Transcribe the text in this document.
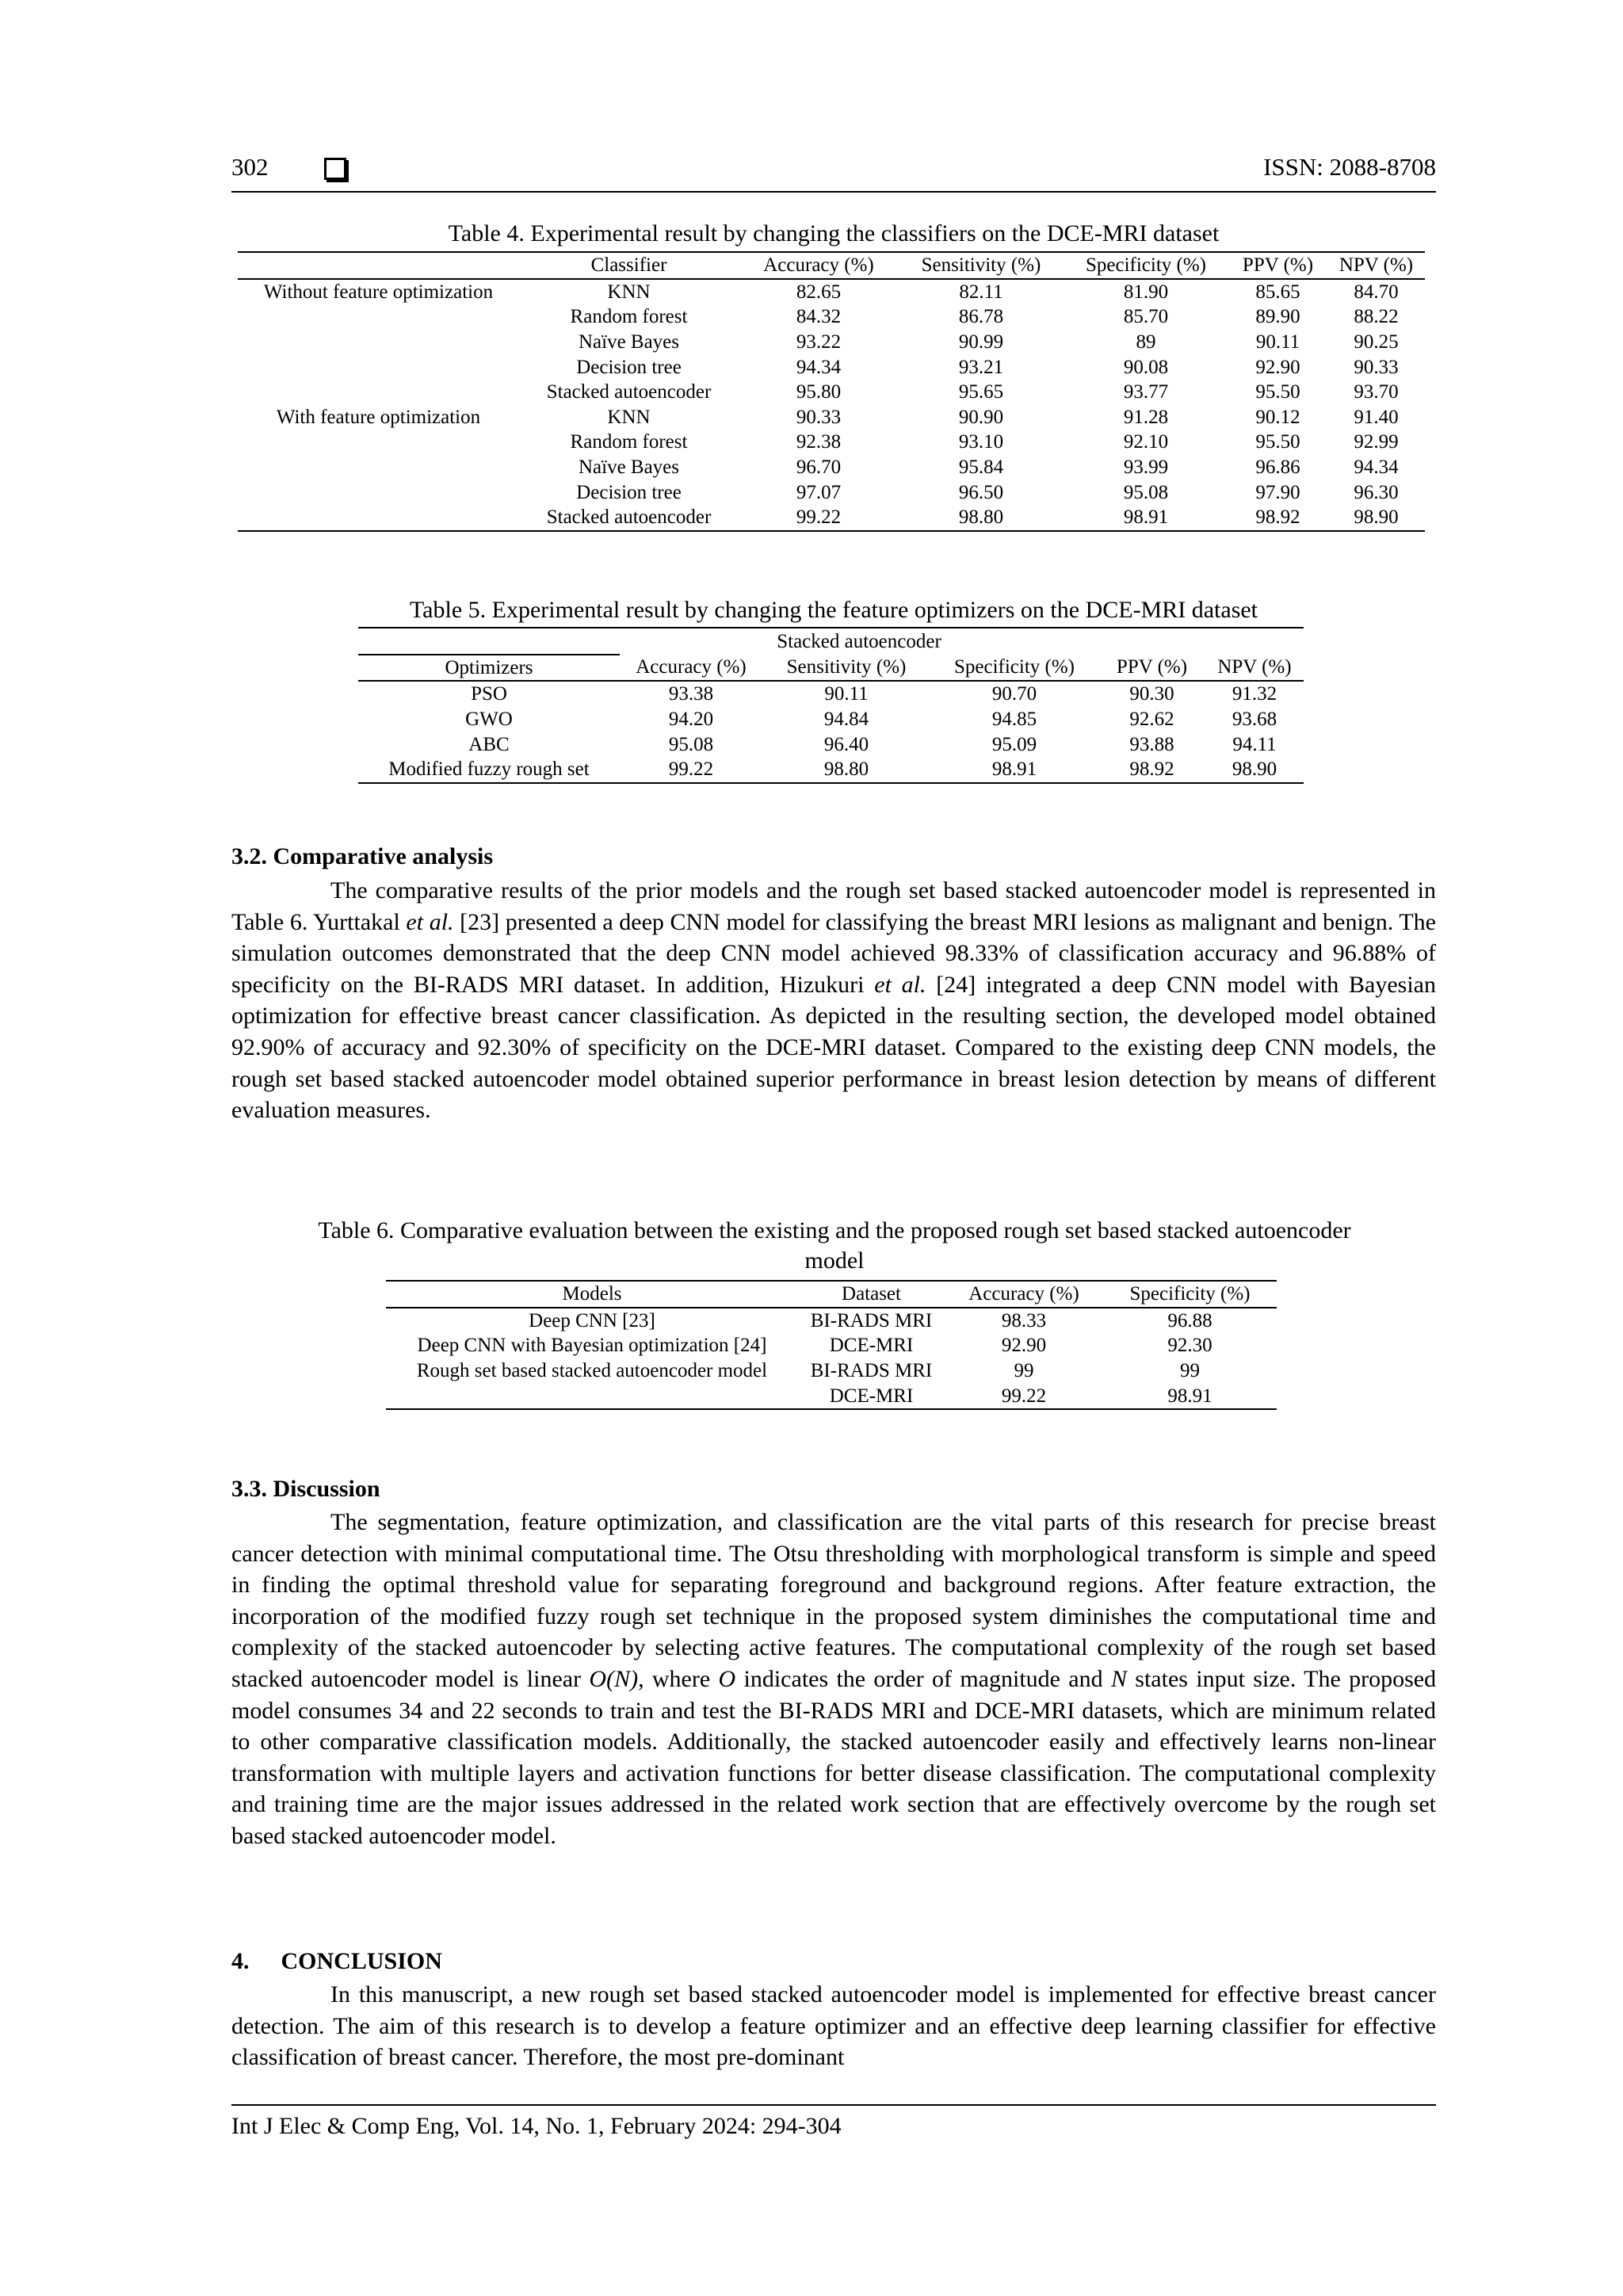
302	ISSN: 2088-8708
Table 4. Experimental result by changing the classifiers on the DCE-MRI dataset
	Classifier	Accuracy (%)	Sensitivity (%)	Specificity (%)	PPV (%)	NPV (%)
Without feature optimization	KNN	82.65	82.11	81.90	85.65	84.70
	Random forest	84.32	86.78	85.70	89.90	88.22
	Naïve Bayes	93.22	90.99	89	90.11	90.25
	Decision tree	94.34	93.21	90.08	92.90	90.33
	Stacked autoencoder	95.80	95.65	93.77	95.50	93.70
With feature optimization	KNN	90.33	90.90	91.28	90.12	91.40
	Random forest	92.38	93.10	92.10	95.50	92.99
	Naïve Bayes	96.70	95.84	93.99	96.86	94.34
	Decision tree	97.07	96.50	95.08	97.90	96.30
	Stacked autoencoder	99.22	98.80	98.91	98.92	98.90
Table 5. Experimental result by changing the feature optimizers on the DCE-MRI dataset
	Stacked autoencoder				
Optimizers	Accuracy (%)	Sensitivity (%)	Specificity (%)	PPV (%)	NPV (%)
PSO	93.38	90.11	90.70	90.30	91.32
GWO	94.20	94.84	94.85	92.62	93.68
ABC	95.08	96.40	95.09	93.88	94.11
Modified fuzzy rough set	99.22	98.80	98.91	98.92	98.90
3.2. Comparative analysis

The comparative results of the prior models and the rough set based stacked autoencoder model is represented in Table 6. Yurttakal et al. [23] presented a deep CNN model for classifying the breast MRI lesions as malignant and benign. The simulation outcomes demonstrated that the deep CNN model achieved 98.33% of classification accuracy and 96.88% of specificity on the BI-RADS MRI dataset. In addition, Hizukuri et al. [24] integrated a deep CNN model with Bayesian optimization for effective breast cancer classification. As depicted in the resulting section, the developed model obtained 92.90% of accuracy and 92.30% of specificity on the DCE-MRI dataset. Compared to the existing deep CNN models, the rough set based stacked autoencoder model obtained superior performance in breast lesion detection by means of different evaluation measures.

Table 6. Comparative evaluation between the existing and the proposed rough set based stacked autoencoder model
Models	Dataset	Accuracy (%)	Specificity (%)
Deep CNN [23]	BI-RADS MRI	98.33	96.88
Deep CNN with Bayesian optimization [24]	DCE-MRI	92.90	92.30
Rough set based stacked autoencoder model	BI-RADS MRI	99	99
	DCE-MRI	99.22	98.91
3.3. Discussion

The segmentation, feature optimization, and classification are the vital parts of this research for precise breast cancer detection with minimal computational time. The Otsu thresholding with morphological transform is simple and speed in finding the optimal threshold value for separating foreground and background regions. After feature extraction, the incorporation of the modified fuzzy rough set technique in the proposed system diminishes the computational time and complexity of the stacked autoencoder by selecting active features. The computational complexity of the rough set based stacked autoencoder model is linear O(N), where O indicates the order of magnitude and N states input size. The proposed model consumes 34 and 22 seconds to train and test the BI-RADS MRI and DCE-MRI datasets, which are minimum related to other comparative classification models. Additionally, the stacked autoencoder easily and effectively learns non-linear transformation with multiple layers and activation functions for better disease classification. The computational complexity and training time are the major issues addressed in the related work section that are effectively overcome by the rough set based stacked autoencoder model.

4. CONCLUSION

In this manuscript, a new rough set based stacked autoencoder model is implemented for effective breast cancer detection. The aim of this research is to develop a feature optimizer and an effective deep learning classifier for effective classification of breast cancer. Therefore, the most pre-dominant

Int J Elec & Comp Eng, Vol. 14, No. 1, February 2024: 294-304
